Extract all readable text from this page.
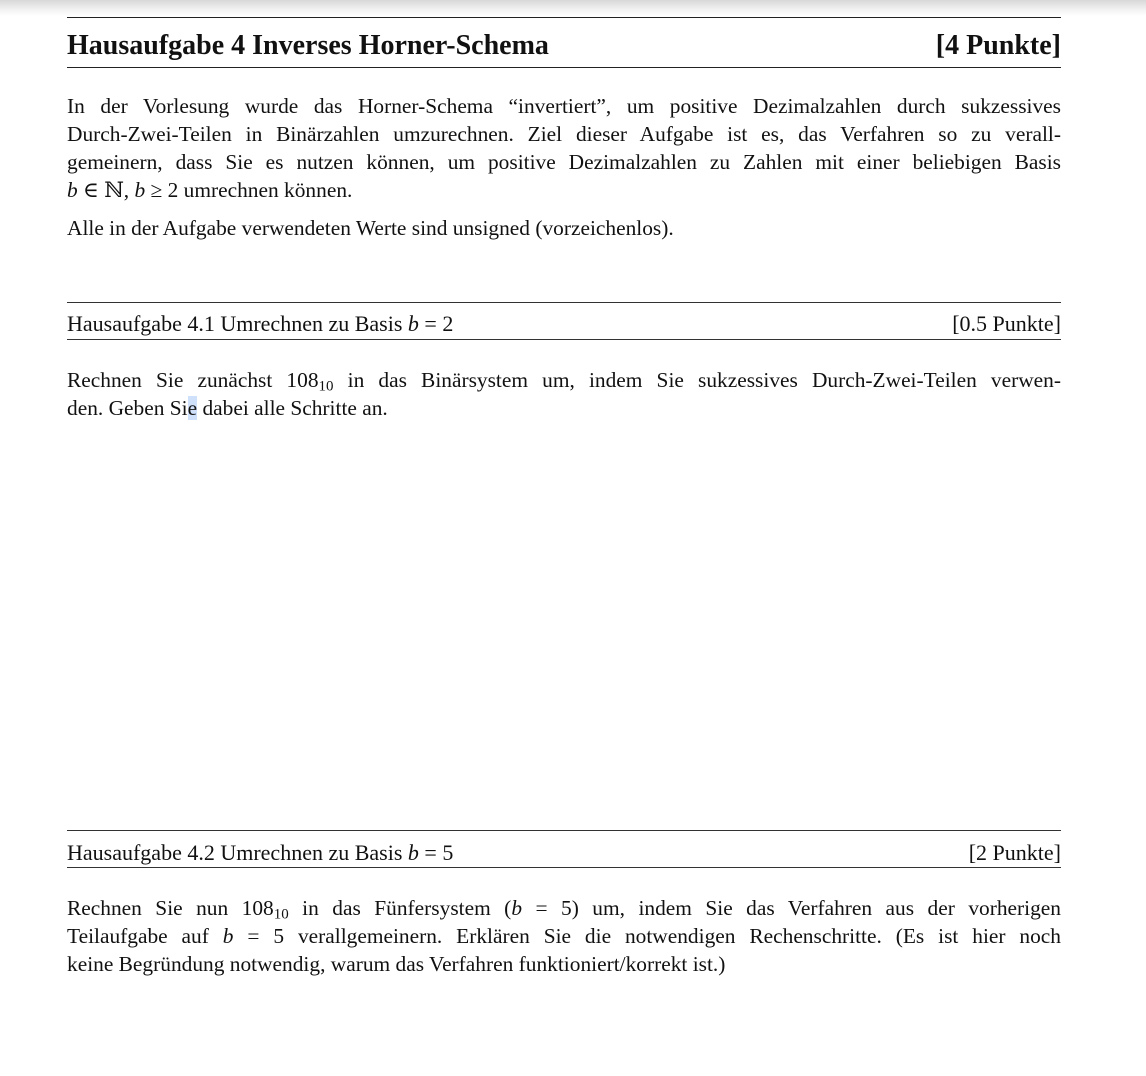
Hausaufgabe 4 Inverses Horner-Schema	[4 Punkte]
In der Vorlesung wurde das Horner-Schema “invertiert”, um positive Dezimalzahlen durch sukzessives
Durch-Zwei-Teilen in Binärzahlen umzurechnen. Ziel dieser Aufgabe ist es, das Verfahren so zu verall-
gemeinern, dass Sie es nutzen können, um positive Dezimalzahlen zu Zahlen mit einer beliebigen Basis
b ∈ ℕ, b ≥ 2 umrechnen können.
Alle in der Aufgabe verwendeten Werte sind unsigned (vorzeichenlos).
Hausaufgabe 4.1 Umrechnen zu Basis b = 2	[0.5 Punkte]
Rechnen Sie zunächst $108_{10}$ in das Binärsystem um, indem Sie sukzessives Durch-Zwei-Teilen verwen-
den. Geben Sie dabei alle Schritte an.
Hausaufgabe 4.2 Umrechnen zu Basis b = 5	[2 Punkte]
Rechnen Sie nun $108_{10}$ in das Fünfersystem (b = 5) um, indem Sie das Verfahren aus der vorherigen
Teilaufgabe auf b = 5 verallgemeinern. Erklären Sie die notwendigen Rechenschritte. (Es ist hier noch
keine Begründung notwendig, warum das Verfahren funktioniert/korrekt ist.)
